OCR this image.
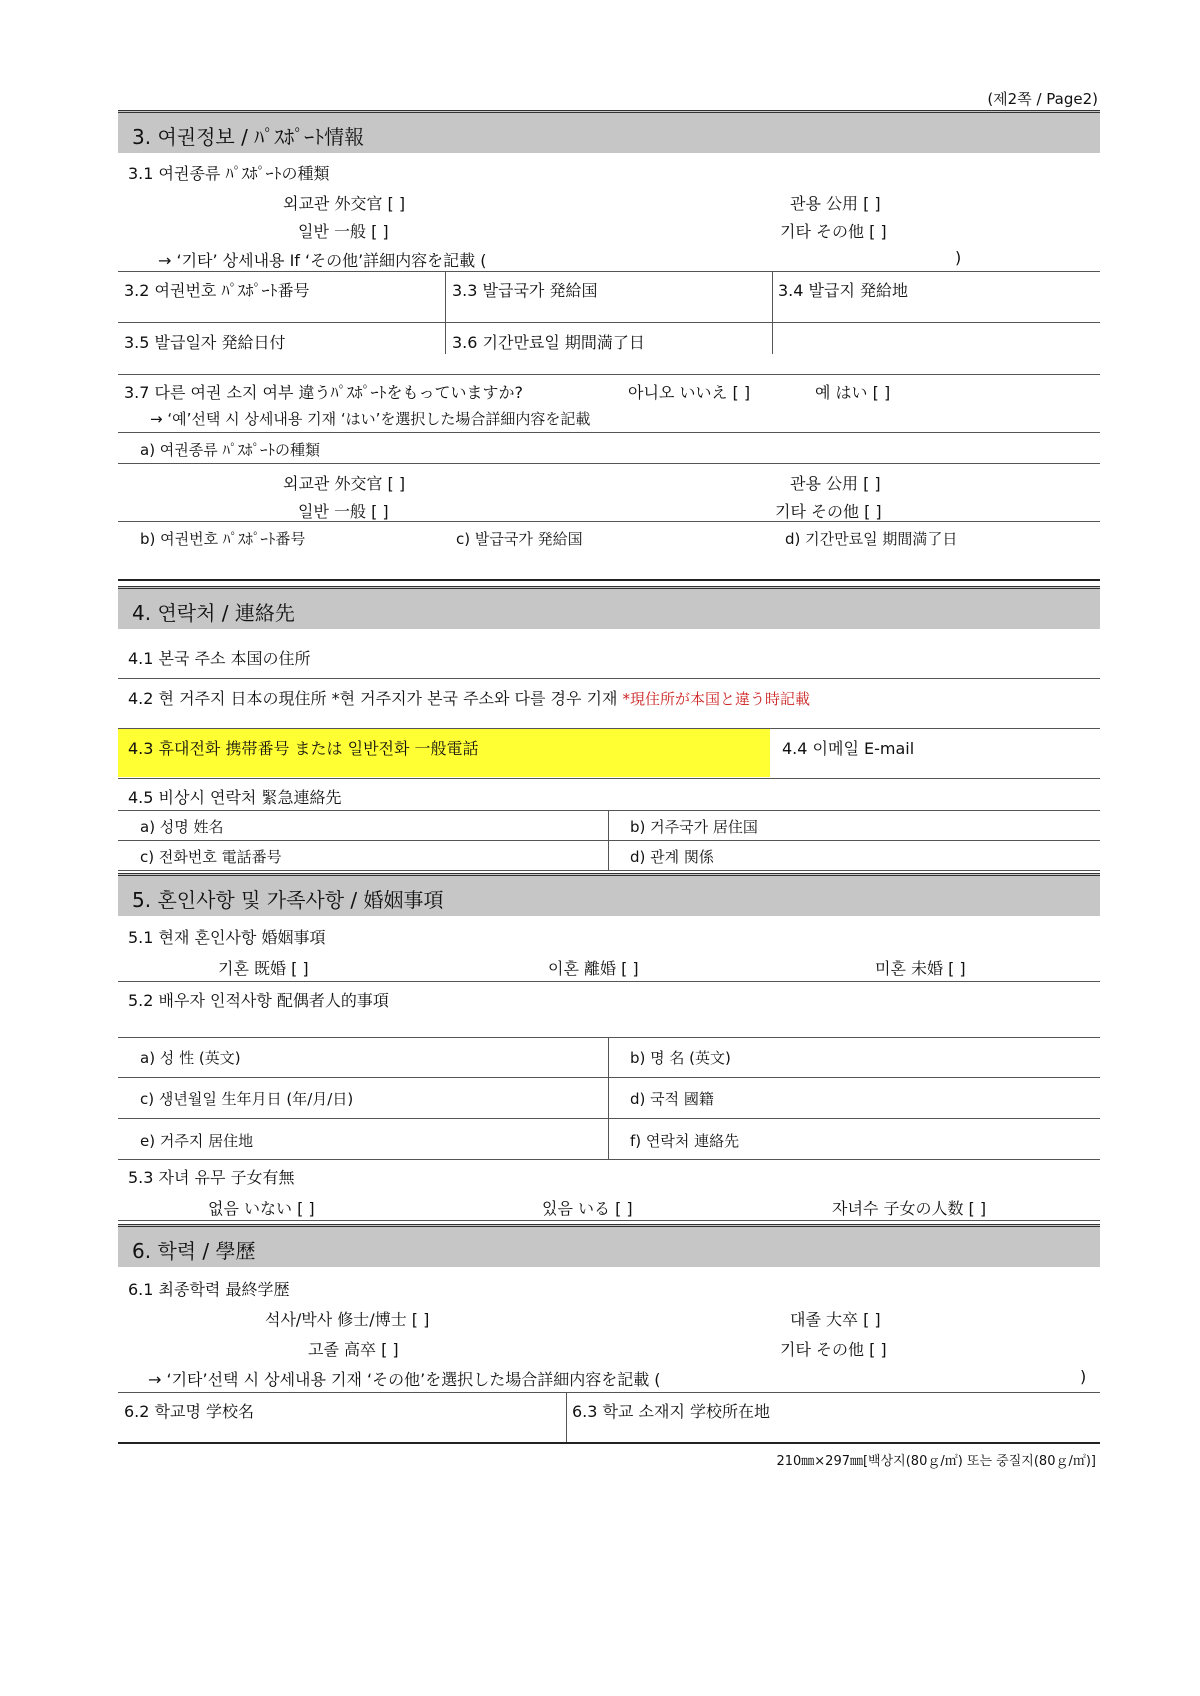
(제2쪽 / Page2)
3. 여권정보 / ﾊﾟｽﾎﾟｰﾄ情報
3.1 여권종류 ﾊﾟｽﾎﾟｰﾄの種類
외교관 外交官 [ ]	관용 公用 [ ]
일반 一般 [ ]	기타 その他 [ ]
→ ‘기타’ 상세내용 If ‘その他’詳細内容を記載 (	)
3.2 여권번호 ﾊﾟｽﾎﾟｰﾄ番号	3.3 발급국가 発給国	3.4 발급지 発給地
3.5 발급일자 発給日付	3.6 기간만료일 期間満了日
3.7 다른 여권 소지 여부 違うﾊﾟｽﾎﾟｰﾄをもっていますか?	아니오 いいえ [ ]	예 はい [ ]
→ ‘예’선택 시 상세내용 기재 ‘はい’を選択した場合詳細内容を記載
a) 여권종류 ﾊﾟｽﾎﾟｰﾄの種類
외교관 外交官 [ ]	관용 公用 [ ]
일반 一般 [ ]	기타 その他 [ ]
b) 여권번호 ﾊﾟｽﾎﾟｰﾄ番号	c) 발급국가 発給国	d) 기간만료일 期間満了日
4. 연락처 / 連絡先
4.1 본국 주소 本国の住所
4.2 현 거주지 日本の現住所 *현 거주지가 본국 주소와 다를 경우 기재 *現住所が本国と違う時記載
4.3 휴대전화 携帯番号 または 일반전화 一般電話	4.4 이메일 E-mail
4.5 비상시 연락처 緊急連絡先
a) 성명 姓名	b) 거주국가 居住国
c) 전화번호 電話番号	d) 관계 関係
5. 혼인사항 및 가족사항 / 婚姻事項
5.1 현재 혼인사항 婚姻事項
기혼 既婚 [ ]	이혼 離婚 [ ]	미혼 未婚 [ ]
5.2 배우자 인적사항 配偶者人的事項
a) 성 性 (英文)	b) 명 名 (英文)
c) 생년월일 生年月日 (年/月/日)	d) 국적 國籍
e) 거주지 居住地	f) 연락처 連絡先
5.3 자녀 유무 子女有無
없음 いない [ ]	있음 いる [ ]	자녀수 子女の人数 [ ]
6. 학력 / 學歷
6.1 최종학력 最終学歴
석사/박사 修士/博士 [ ]	대졸 大卒 [ ]
고졸 高卒 [ ]	기타 その他 [ ]
→ ‘기타’선택 시 상세내용 기재 ‘その他’を選択した場合詳細内容を記載 (	)
6.2 학교명 学校名	6.3 학교 소재지 学校所在地
210㎜×297㎜[백상지(80ｇ/㎡) 또는 중질지(80ｇ/㎡)]
